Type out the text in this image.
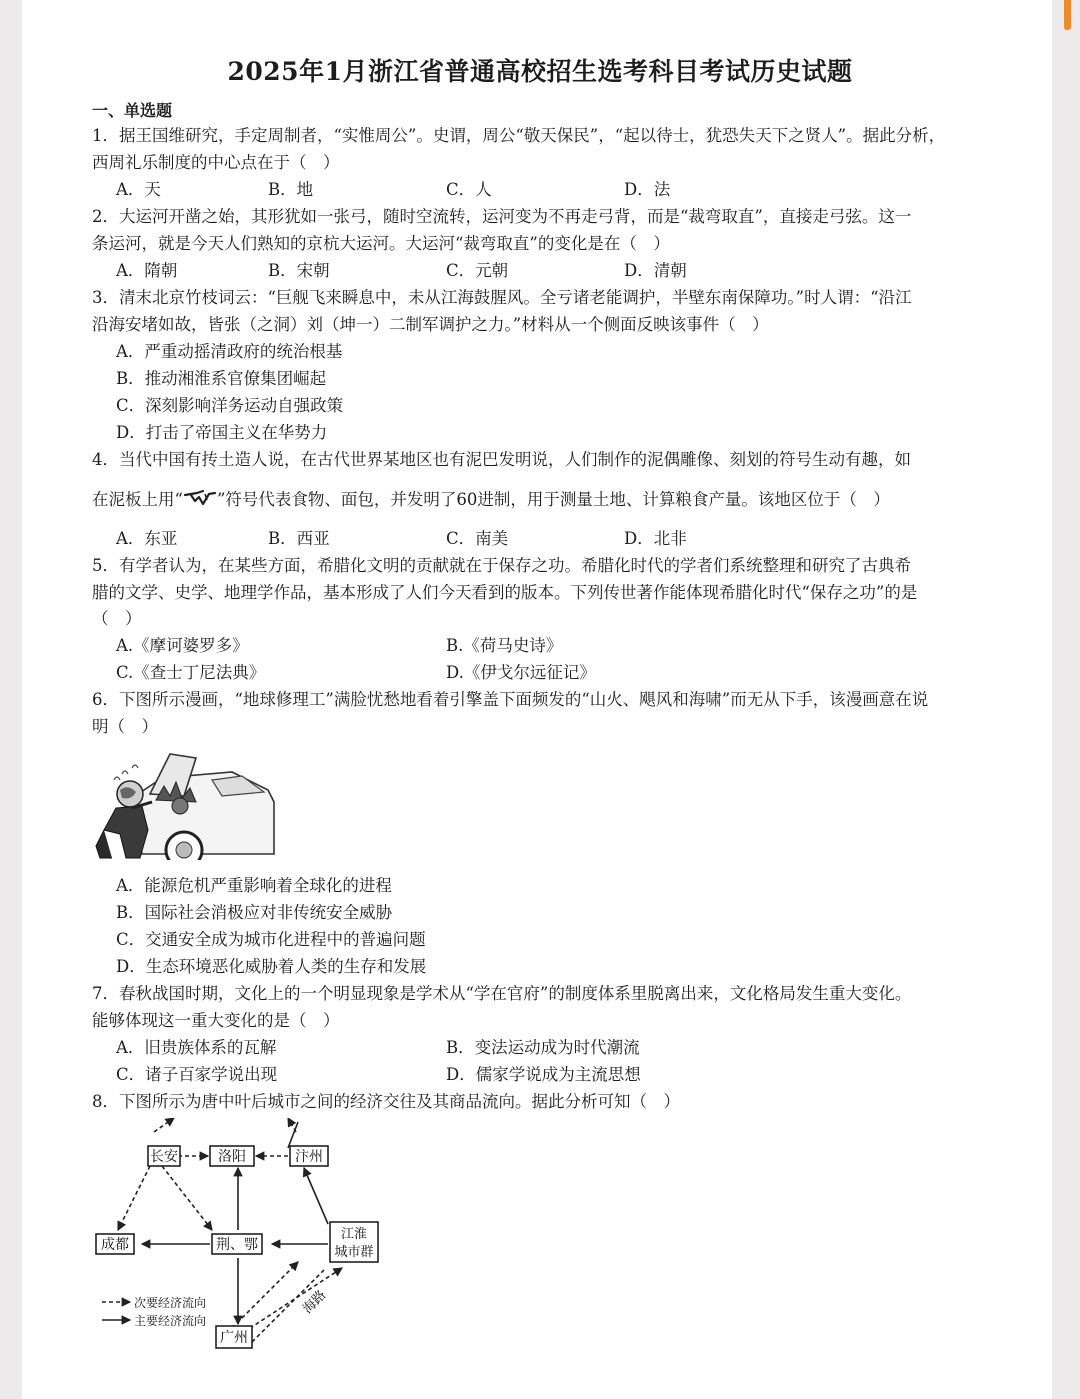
2025年1月浙江省普通高校招生选考科目考试历史试题
一、单选题
1．据王国维研究，手定周制者，“实惟周公”。史谓，周公“敬天保民”，“起以待士，犹恐失天下之贤人”。据此分析，
西周礼乐制度的中心点在于（　）
A．天	B．地	C．人	D．法
2．大运河开凿之始，其形犹如一张弓，随时空流转，运河变为不再走弓背，而是“裁弯取直”，直接走弓弦。这一
条运河，就是今天人们熟知的京杭大运河。大运河“裁弯取直”的变化是在（　）
A．隋朝	B．宋朝	C．元朝	D．清朝
3．清末北京竹枝词云：“巨舰飞来瞬息中，未从江海鼓腥风。全亏诸老能调护，半壁东南保障功。”时人谓：“沿江
沿海安堵如故，皆张（之洞）刘（坤一）二制军调护之力。”材料从一个侧面反映该事件（　）
A．严重动摇清政府的统治根基
B．推动湘淮系官僚集团崛起
C．深刻影响洋务运动自强政策
D．打击了帝国主义在华势力
4．当代中国有抟土造人说，在古代世界某地区也有泥巴发明说，人们制作的泥偶雕像、刻划的符号生动有趣，如
在泥板上用“ ”符号代表食物、面包，并发明了60进制，用于测量土地、计算粮食产量。该地区位于（　）
A．东亚	B．西亚	C．南美	D．北非
5．有学者认为，在某些方面，希腊化文明的贡献就在于保存之功。希腊化时代的学者们系统整理和研究了古典希
腊的文学、史学、地理学作品，基本形成了人们今天看到的版本。下列传世著作能体现希腊化时代“保存之功”的是
（　）
A.《摩诃婆罗多》	B.《荷马史诗》
C.《查士丁尼法典》	D.《伊戈尔远征记》
6．下图所示漫画，“地球修理工”满脸忧愁地看着引擎盖下面频发的“山火、飓风和海啸”而无从下手，该漫画意在说
明（　）
A．能源危机严重影响着全球化的进程
B．国际社会消极应对非传统安全威胁
C．交通安全成为城市化进程中的普遍问题
D．生态环境恶化威胁着人类的生存和发展
7．春秋战国时期，文化上的一个明显现象是学术从“学在官府”的制度体系里脱离出来，文化格局发生重大变化。
能够体现这一重大变化的是（　）
A．旧贵族体系的瓦解	B．变法运动成为时代潮流
C．诸子百家学说出现	D．儒家学说成为主流思想
8．下图所示为唐中叶后城市之间的经济交往及其商品流向。据此分析可知（　）
长安	洛阳	汴州
成都	荆、鄂
江淮
城市群
广州
海路
次要经济流向
主要经济流向
